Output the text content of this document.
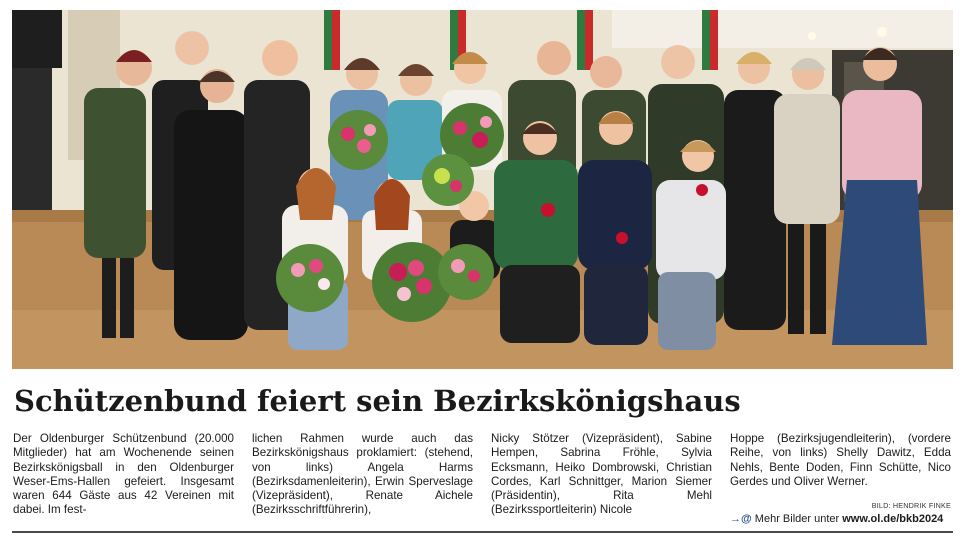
Schützenbund feiert sein Bezirkskönigshaus

Der Oldenburger Schützenbund (20.000 Mitglieder) hat am Wochenende seinen Bezirkskönigsball in den Oldenburger Weser-Ems-Hallen gefeiert. Insgesamt waren 644 Gäste aus 42 Vereinen mit dabei. Im fest-

lichen Rahmen wurde auch das Bezirkskönigshaus proklamiert: (stehend, von links) Angela Harms (Bezirksdamenleiterin), Erwin Sperveslage (Vizepräsident), Renate Aichele (Bezirksschriftführerin),

Nicky Stötzer (Vizepräsident), Sabine Hempen, Sabrina Fröhle, Sylvia Ecksmann, Heiko Dombrowski, Christian Cordes, Karl Schnittger, Marion Siemer (Präsidentin), Rita Mehl (Bezirkssportleiterin) Nicole

Hoppe (Bezirksjugendleiterin), (vordere Reihe, von links) Shelly Dawitz, Edda Nehls, Bente Doden, Finn Schütte, Nico Gerdes und Oliver Werner.

BILD: HENDRIK FINKE
→@ Mehr Bilder unter www.ol.de/bkb2024
